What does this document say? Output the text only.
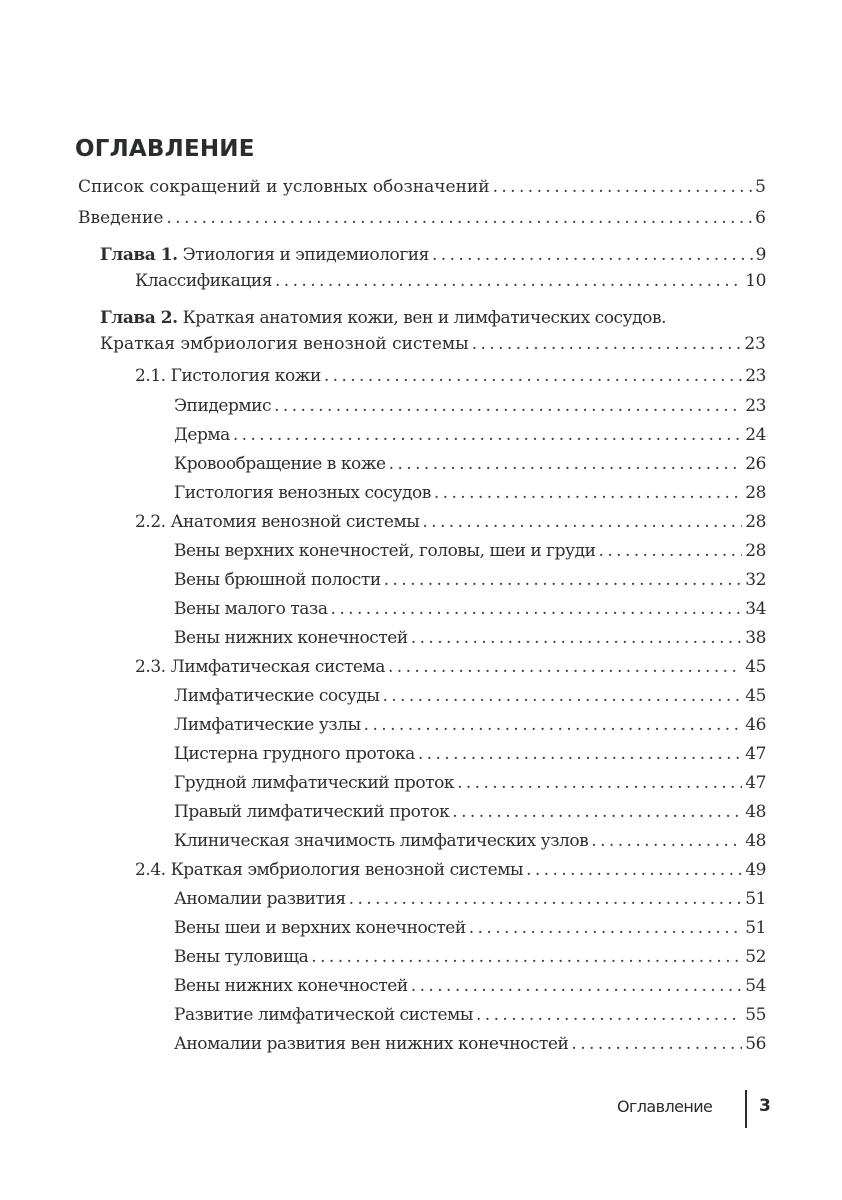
ОГЛАВЛЕНИЕ
Список сокращений и условных обозначений . . .	5
Введение . . .	6
Глава 1. Этиология и эпидемиология . . .	9
Классификация . . .	10
Глава 2. Краткая анатомия кожи, вен и лимфатических сосудов.
Краткая эмбриология венозной системы . . .	23
2.1. Гистология кожи . . .	23
Эпидермис . . .	23
Дерма . . .	24
Кровообращение в коже . . .	26
Гистология венозных сосудов . . .	28
2.2. Анатомия венозной системы . . .	28
Вены верхних конечностей, головы, шеи и груди . . .	28
Вены брюшной полости . . .	32
Вены малого таза . . .	34
Вены нижних конечностей . . .	38
2.3. Лимфатическая система . . .	45
Лимфатические сосуды . . .	45
Лимфатические узлы . . .	46
Цистерна грудного протока . . .	47
Грудной лимфатический проток . . .	47
Правый лимфатический проток . . .	48
Клиническая значимость лимфатических узлов . . .	48
2.4. Краткая эмбриология венозной системы . . .	49
Аномалии развития . . .	51
Вены шеи и верхних конечностей . . .	51
Вены туловища . . .	52
Вены нижних конечностей . . .	54
Развитие лимфатической системы . . .	55
Аномалии развития вен нижних конечностей . . .	56
Оглавление	3
